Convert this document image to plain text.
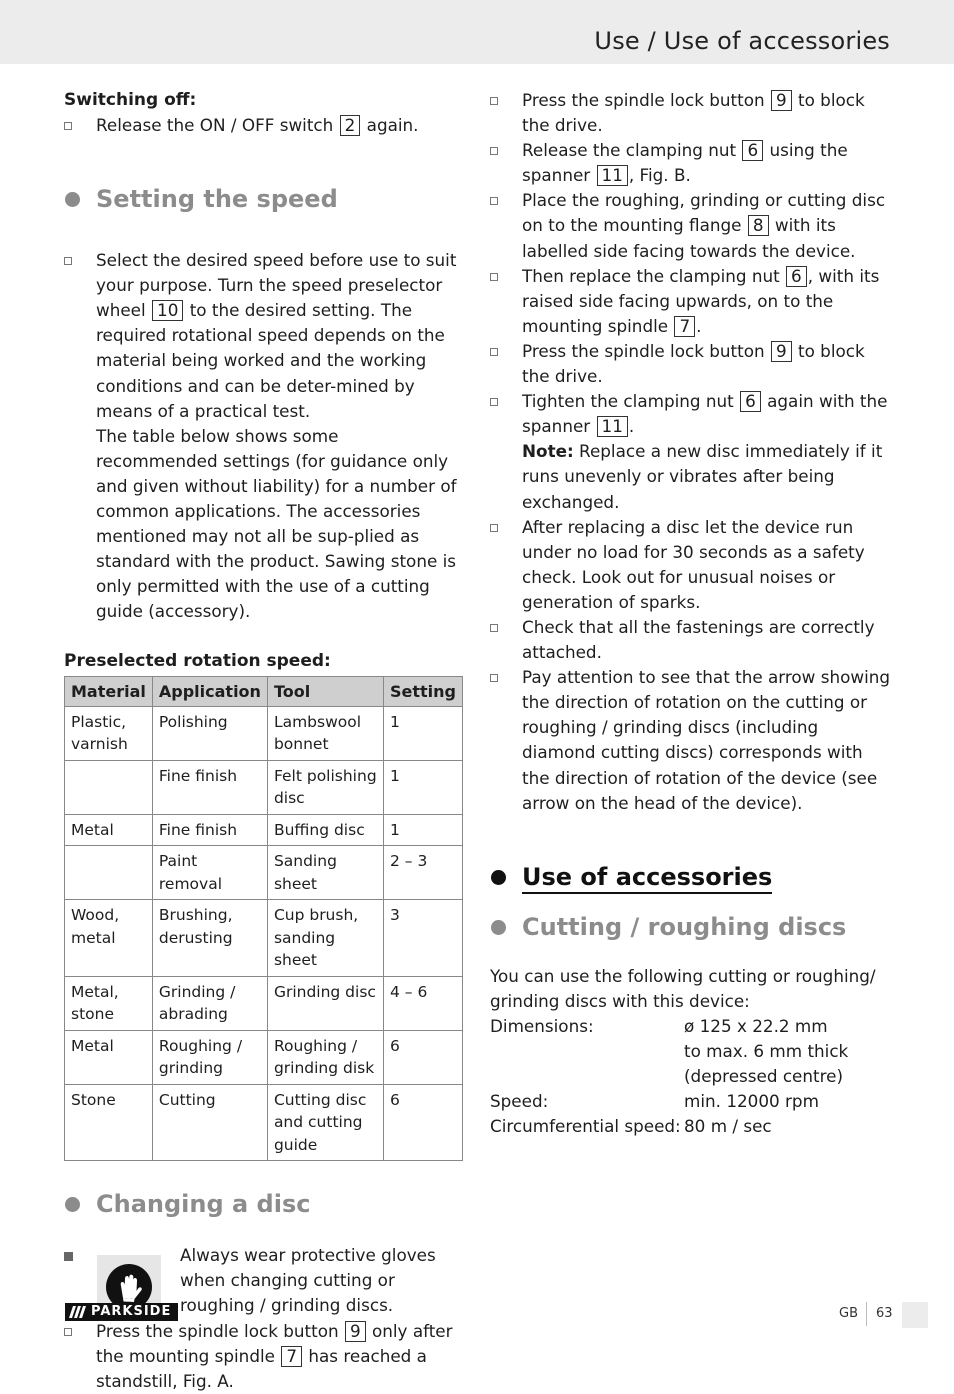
Use / Use of accessories
Switching off:
Release the ON / OFF switch 2 again.
Setting the speed
Select the desired speed before use to suit your purpose. Turn the speed preselector wheel 10 to the desired setting. The required rotational speed depends on the material being worked and the working conditions and can be deter-mined by means of a practical test.
The table below shows some recommended settings (for guidance only and given without liability) for a number of common applications. The accessories mentioned may not all be sup-plied as standard with the product. Sawing stone is only permitted with the use of a cutting guide (accessory).
Preselected rotation speed:
Material	Application	Tool	Setting
Plastic, varnish	Polishing	Lambswool bonnet	1
	Fine finish	Felt polishing disc	1
Metal	Fine finish	Buffing disc	1
	Paint removal	Sanding sheet	2 – 3
Wood, metal	Brushing, derusting	Cup brush, sanding sheet	3
Metal, stone	Grinding / abrading	Grinding disc	4 – 6
Metal	Roughing / grinding	Roughing / grinding disk	6
Stone	Cutting	Cutting disc and cutting guide	6
Changing a disc
Always wear protective gloves when changing cutting or roughing / grinding discs.
Press the spindle lock button 9 only after the mounting spindle 7 has reached a standstill, Fig. A.
Press the spindle lock button 9 to block the drive.
Release the clamping nut 6 using the spanner 11 , Fig. B.
Place the roughing, grinding or cutting disc on to the mounting flange 8 with its labelled side facing towards the device.
Then replace the clamping nut 6 , with its raised side facing upwards, on to the mounting spindle 7 .
Press the spindle lock button 9 to block the drive.
Tighten the clamping nut 6 again with the spanner 11 .
Note: Replace a new disc immediately if it runs unevenly or vibrates after being exchanged.
After replacing a disc let the device run under no load for 30 seconds as a safety check. Look out for unusual noises or generation of sparks.
Check that all the fastenings are correctly attached.
Pay attention to see that the arrow showing the direction of rotation on the cutting or roughing / grinding discs (including diamond cutting discs) corresponds with the direction of rotation of the device (see arrow on the head of the device).
Use of accessories
Cutting / roughing discs
You can use the following cutting or roughing/ grinding discs with this device:
Dimensions:	ø 125 x 22.2 mm
to max. 6 mm thick
(depressed centre)
Speed:	min. 12000 rpm
Circumferential speed: 80 m / sec
PARKSIDE	GB 63
